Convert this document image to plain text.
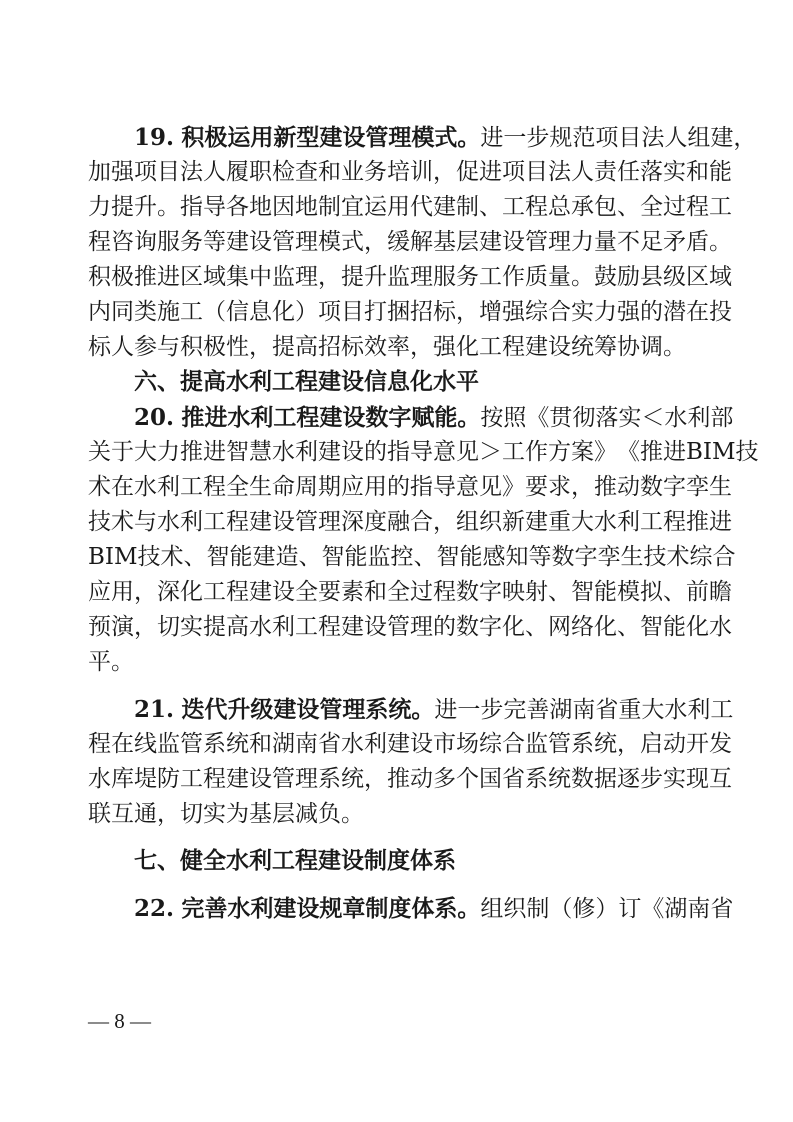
19. 积极运用新型建设管理模式。进一步规范项目法人组建，
加 强 项 目 法 人 履 职 检 查 和 业 务 培 训 ， 促 进 项 目 法 人 责 任 落 实 和 能
力 提 升 。 指 导 各 地 因 地 制 宜 运 用 代 建 制 、 工 程 总 承 包 、 全 过 程 工
程 咨 询 服 务 等 建 设 管 理 模 式 ， 缓 解 基 层 建 设 管 理 力 量 不 足 矛 盾 。
积 极 推 进 区 域 集 中 监 理 ， 提 升 监 理 服 务 工 作 质 量 。 鼓 励 县 级 区 域
内 同 类 施 工 （ 信 息 化 ） 项 目 打 捆 招 标 ， 增 强 综 合 实 力 强 的 潜 在 投
标人参与积极性，提高招标效率，强化工程建设统筹协调。
六、提高水利工程建设信息化水平
20. 推进水利工程建设数字赋能。按照《贯彻落实＜水利部
关 于 大 力 推 进 智 慧 水 利 建 设 的 指 导 意 见 ＞ 工 作 方 案 》 《 推 进 BIM 技
术 在 水 利 工 程 全 生 命 周 期 应 用 的 指 导 意 见 》 要 求 ， 推 动 数 字 孪 生
技 术 与 水 利 工 程 建 设 管 理 深 度 融 合 ， 组 织 新 建 重 大 水 利 工 程 推 进
BIM 技 术 、 智 能 建 造 、 智 能 监 控 、 智 能 感 知 等 数 字 孪 生 技 术 综 合
应 用 ， 深 化 工 程 建 设 全 要 素 和 全 过 程 数 字 映 射 、 智 能 模 拟 、 前 瞻
预 演 ， 切 实 提 高 水 利 工 程 建 设 管 理 的 数 字 化 、 网 络 化 、 智 能 化 水
平。
21. 迭代升级建设管理系统。进一步完善湖南省重大水利工
程 在 线 监 管 系 统 和 湖 南 省 水 利 建 设 市 场 综 合 监 管 系 统 ， 启 动 开 发
水 库 堤 防 工 程 建 设 管 理 系 统 ， 推 动 多 个 国 省 系 统 数 据 逐 步 实 现 互
联互通，切实为基层减负。
七、健全水利工程建设制度体系
22. 完善水利建设规章制度体系。组织制（修）订《湖南省
— 8 —
